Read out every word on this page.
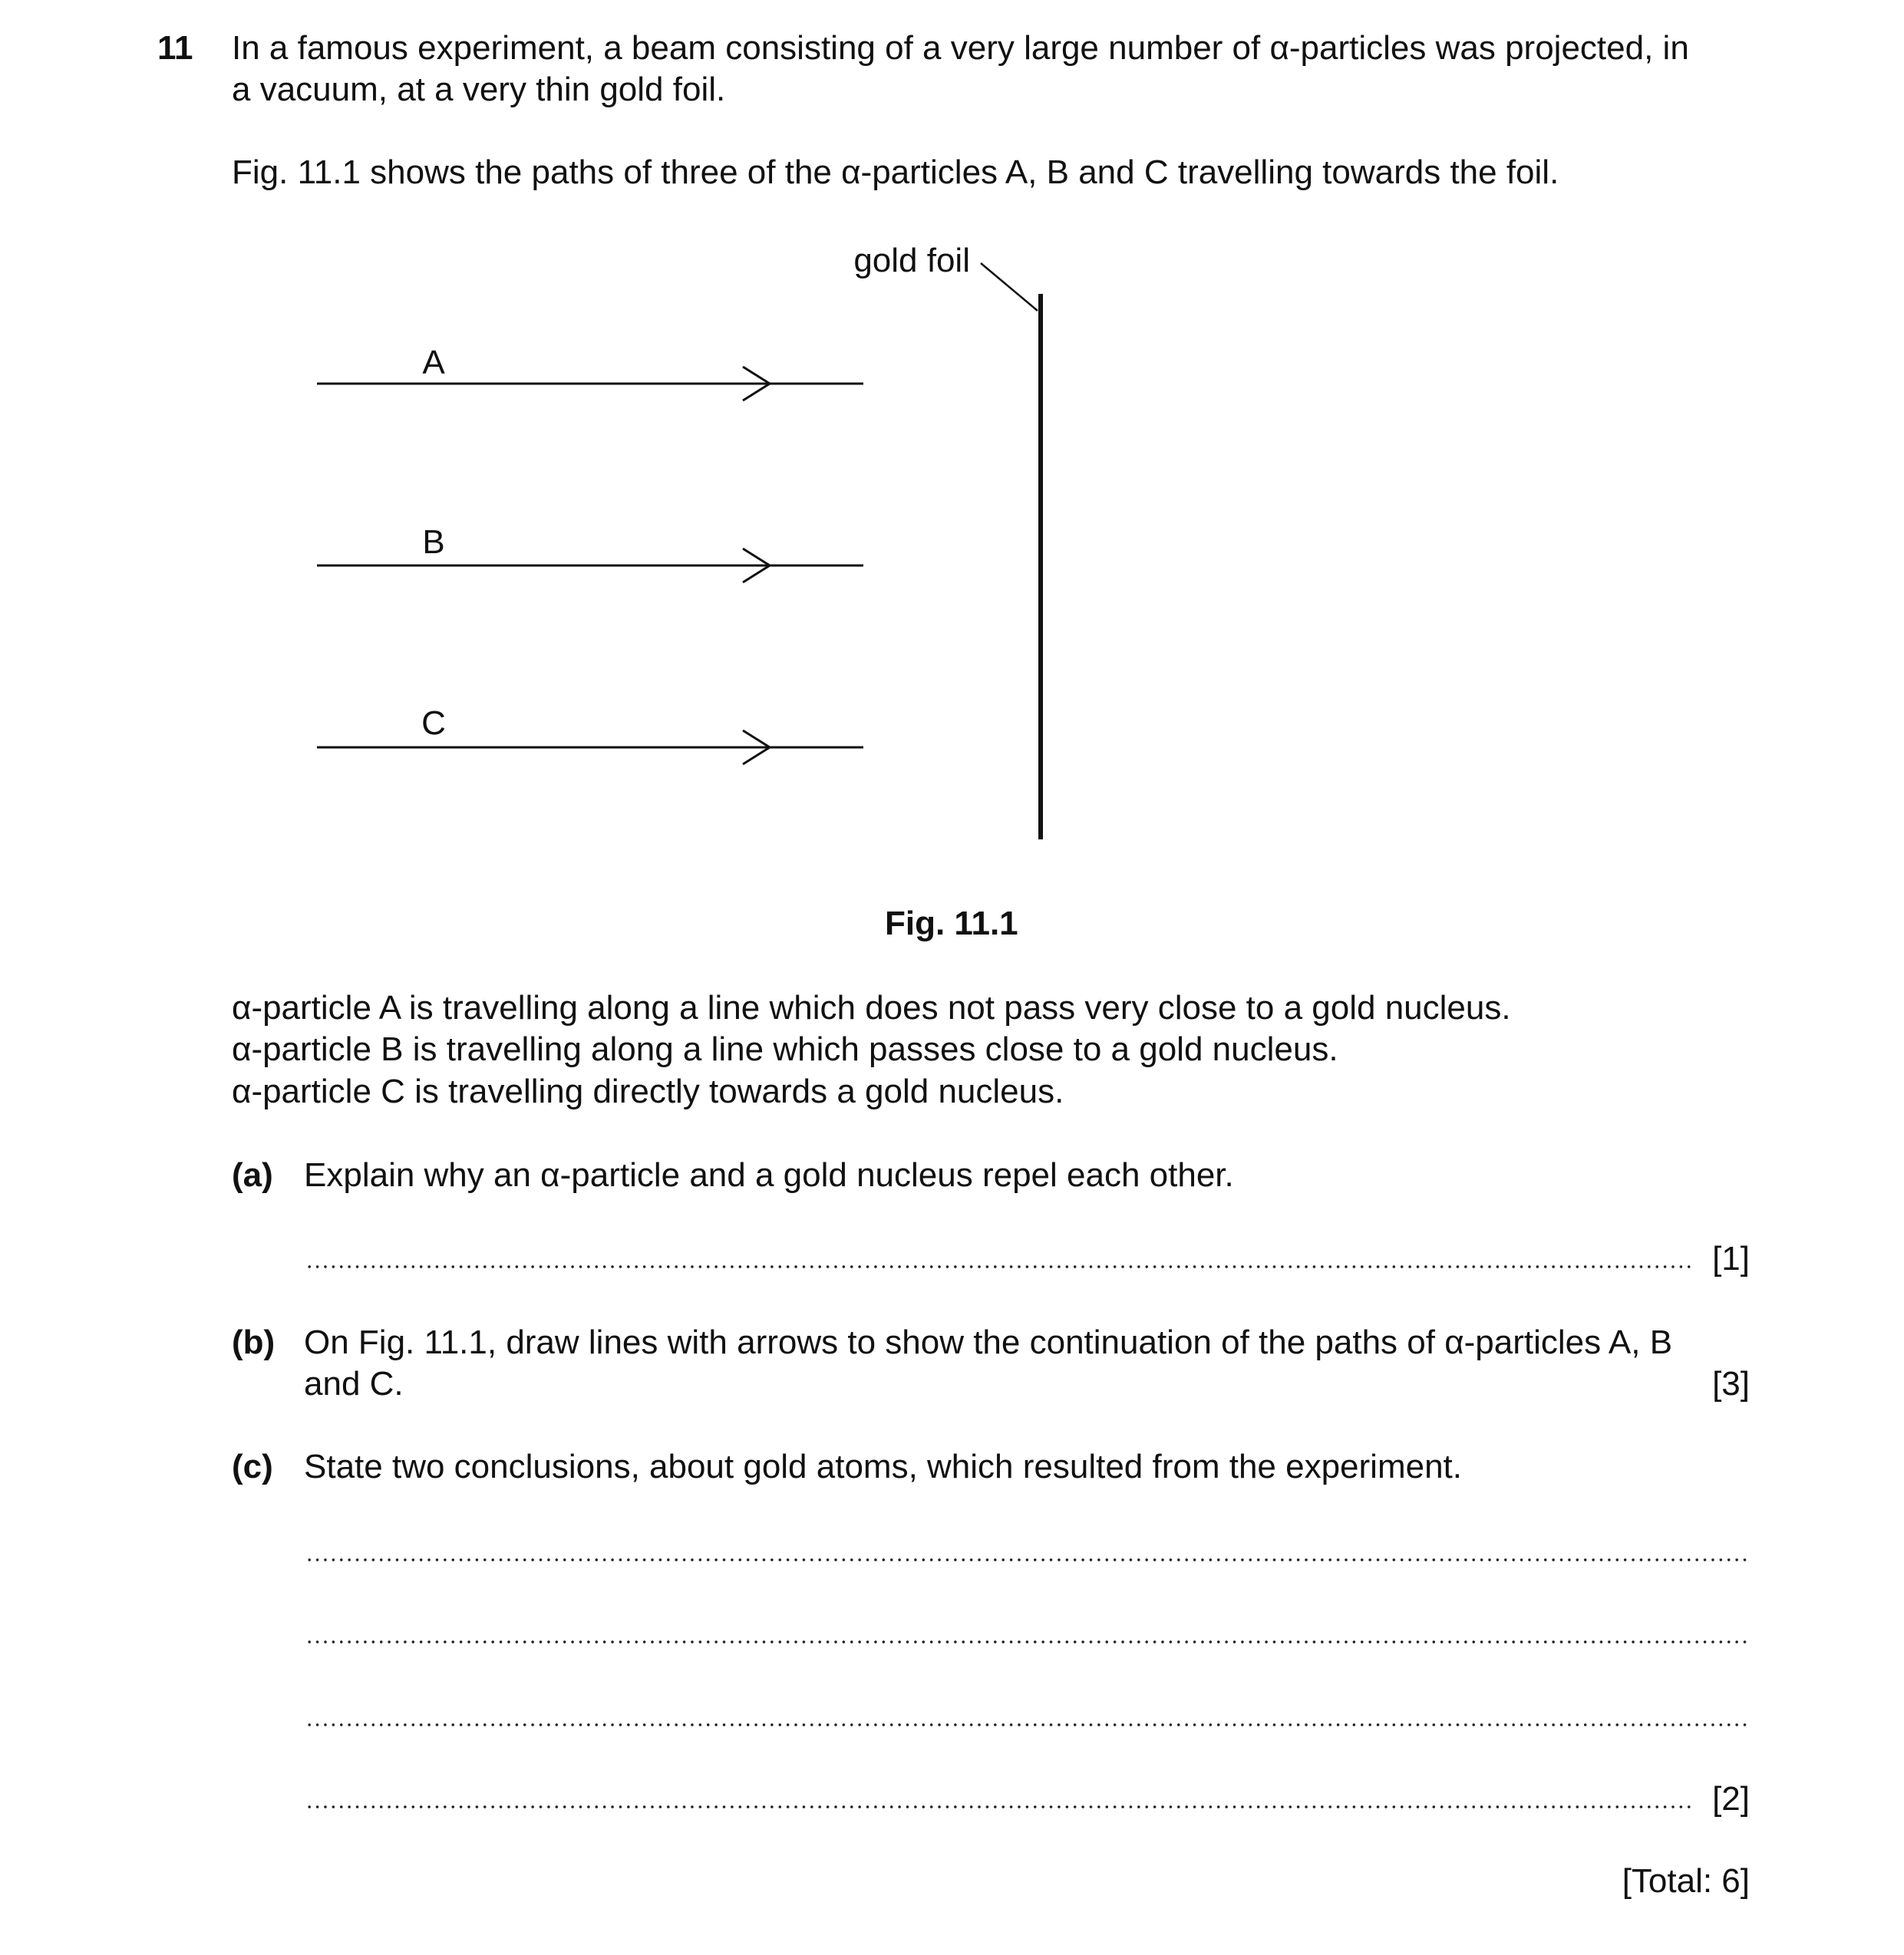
11 In a famous experiment, a beam consisting of a very large number of α-particles was projected, in
a vacuum, at a very thin gold foil.
Fig. 11.1 shows the paths of three of the α-particles A, B and C travelling towards the foil.
gold foil
A
B
C
Fig. 11.1
α-particle A is travelling along a line which does not pass very close to a gold nucleus.
α-particle B is travelling along a line which passes close to a gold nucleus.
α-particle C is travelling directly towards a gold nucleus.
(a) Explain why an α-particle and a gold nucleus repel each other.
[1]
(b) On Fig. 11.1, draw lines with arrows to show the continuation of the paths of α-particles A, B
and C.	[3]
(c) State two conclusions, about gold atoms, which resulted from the experiment.
[2]
[Total: 6]
